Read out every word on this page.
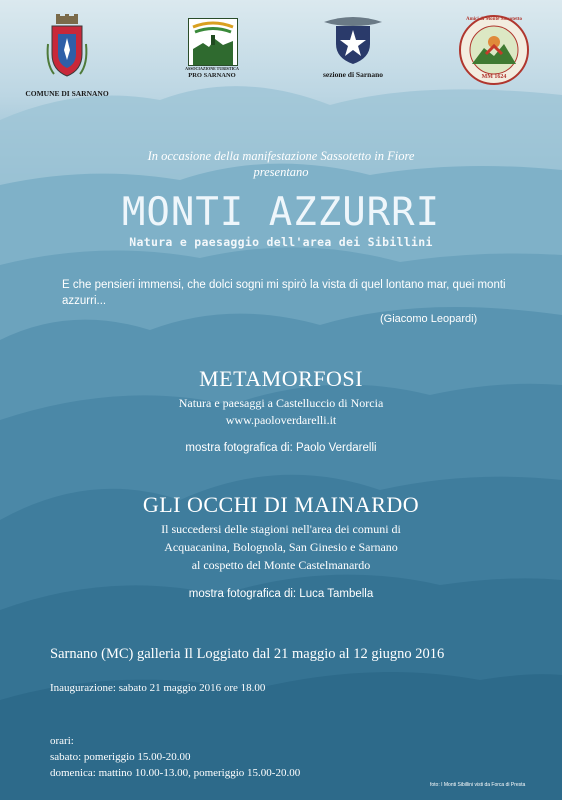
COMUNE DI SARNANO
ASSOCIAZIONE TURISTICA
PRO SARNANO	sezione di Sarnano
Amici di Monte Sassotetto
MM 1624
In occasione della manifestazione Sassotetto in Fiore
presentano
MONTI AZZURRI
Natura e paesaggio dell'area dei Sibillini
E che pensieri immensi, che dolci sogni mi spirò la vista di quel lontano mar, quei monti azzurri...
(Giacomo Leopardi)
METAMORFOSI
Natura e paesaggi a Castelluccio di Norcia
www.paoloverdarelli.it
mostra fotografica di: Paolo Verdarelli
GLI OCCHI DI MAINARDO
Il succedersi delle stagioni nell'area dei comuni di
Acquacanina, Bolognola, San Ginesio e Sarnano
al cospetto del Monte Castelmanardo
mostra fotografica di: Luca Tambella
Sarnano (MC) galleria Il Loggiato dal 21 maggio al 12 giugno 2016
Inaugurazione: sabato 21 maggio 2016 ore 18.00
orari:
sabato: pomeriggio 15.00-20.00
domenica: mattino 10.00-13.00, pomeriggio 15.00-20.00
foto: I Monti Sibillini visti da Forca di Presta
